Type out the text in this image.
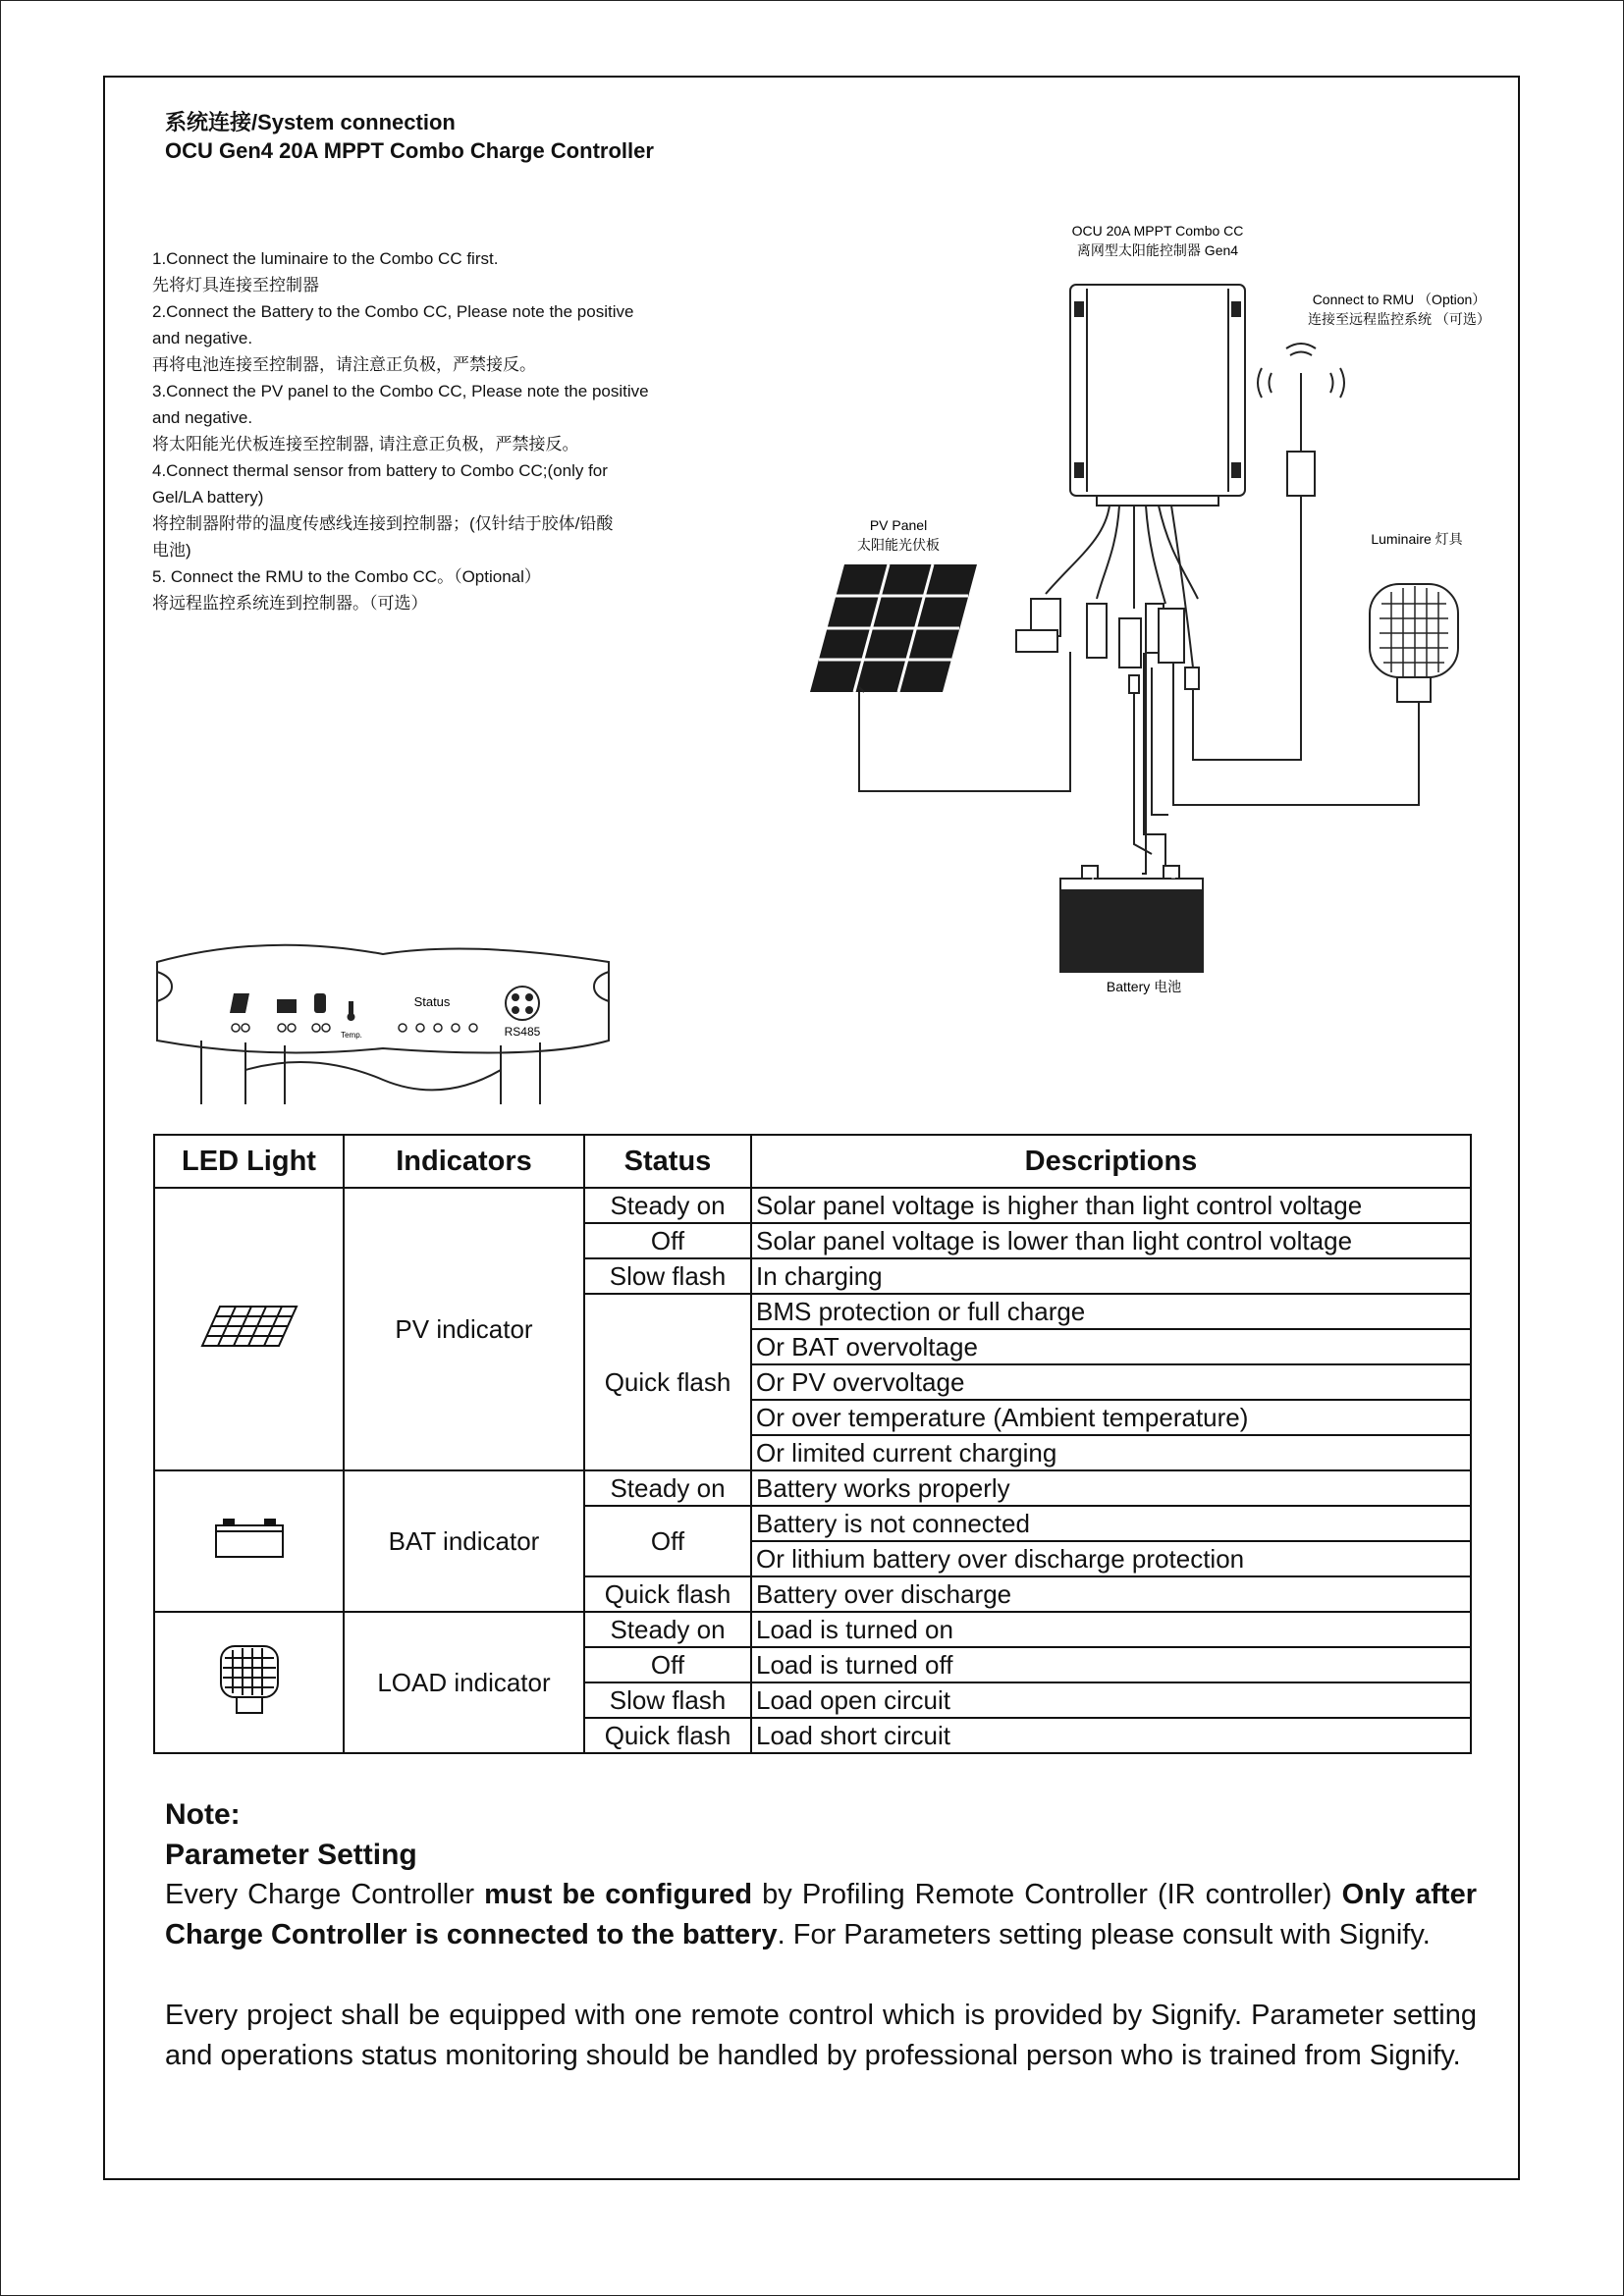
系统连接/System connection
OCU Gen4 20A MPPT Combo Charge Controller
1.Connect the luminaire to the Combo CC first.
先将灯具连接至控制器
2.Connect the Battery to the Combo CC, Please note the positive
and negative.
再将电池连接至控制器，请注意正负极，严禁接反。
3.Connect the PV panel to the Combo CC, Please note the positive
and negative.
将太阳能光伏板连接至控制器, 请注意正负极，严禁接反。
4.Connect thermal sensor from battery to Combo CC;(only for
Gel/LA battery)
将控制器附带的温度传感线连接到控制器；(仅针结于胶体/铅酸
电池)
5. Connect the RMU to the Combo CC。（Optional）
将远程监控系统连到控制器。（可选）
OCU 20A MPPT Combo CC
离网型太阳能控制器 Gen4
Connect to RMU （Option）
连接至远程监控系统 （可选）
PV Panel
太阳能光伏板	Luminaire 灯具
Battery 电池
+	-
Status
Temp.	RS485
LED Light	Indicators	Status	Descriptions
	PV indicator	Steady on	Solar panel voltage is higher than light control voltage
		Off	Solar panel voltage is lower than light control voltage
		Slow flash	In charging
		Quick flash	BMS protection or full charge
			Or BAT overvoltage
			Or PV overvoltage
			Or over temperature (Ambient temperature)
			Or limited current charging
	BAT indicator	Steady on	Battery works properly
		Off	Battery is not connected
			Or lithium battery over discharge protection
		Quick flash	Battery over discharge
	LOAD indicator	Steady on	Load is turned on
		Off	Load is turned off
		Slow flash	Load open circuit
		Quick flash	Load short circuit
Note:
Parameter Setting

Every Charge Controller must be configured by Profiling Remote Controller (IR controller) Only after Charge Controller is connected to the battery. For Parameters setting please consult with Signify.

Every project shall be equipped with one remote control which is provided by Signify. Parameter setting and operations status monitoring should be handled by professional person who is trained from Signify.
